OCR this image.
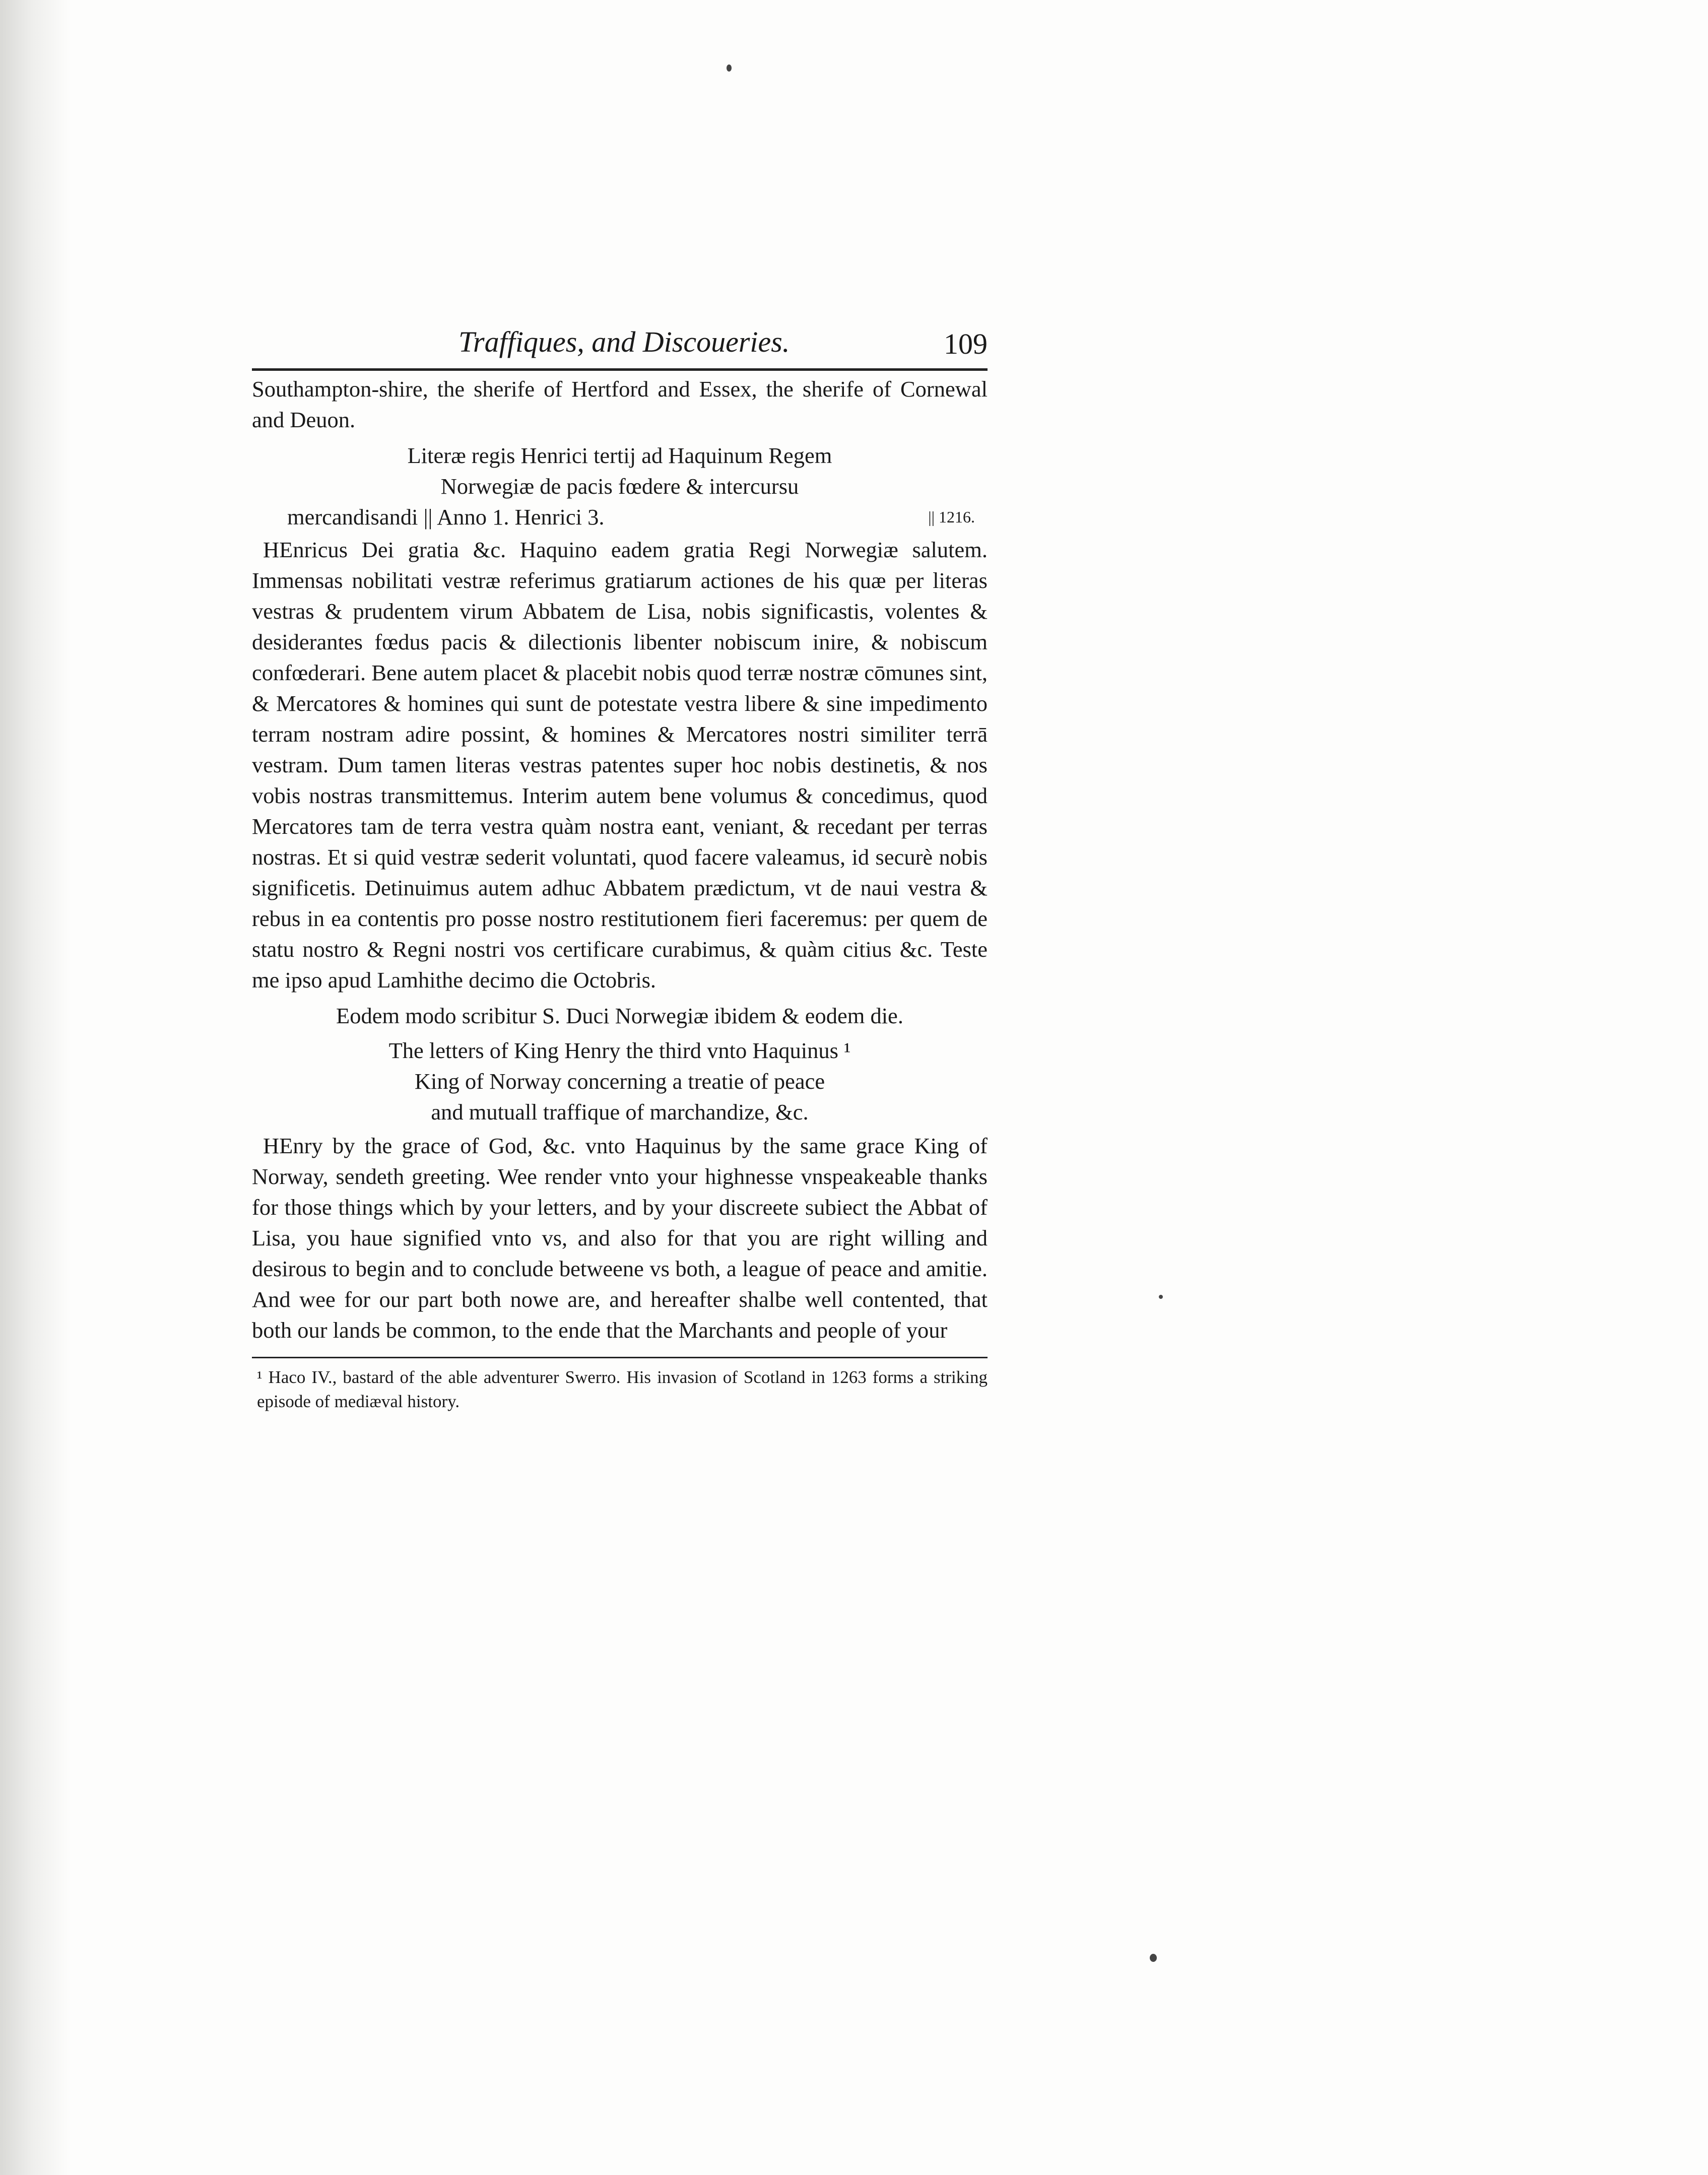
Traffiques, and Discoueries.	109

Southampton-shire, the sherife of Hertford and Essex, the sherife of Cornewal and Deuon.

Literæ regis Henrici tertij ad Haquinum Regem
Norwegiæ de pacis fœdere & intercursu
mercandisandi || Anno 1. Henrici 3.	|| 1216.

HEnricus Dei gratia &c. Haquino eadem gratia Regi Norwegiæ salutem. Immensas nobilitati vestræ referimus gratiarum actiones de his quæ per literas vestras & prudentem virum Abbatem de Lisa, nobis significastis, volentes & desiderantes fœdus pacis & dilectionis libenter nobiscum inire, & nobiscum confœderari. Bene autem placet & placebit nobis quod terræ nostræ cōmunes sint, & Mercatores & homines qui sunt de potestate vestra libere & sine impedimento terram nostram adire possint, & homines & Mercatores nostri similiter terrā vestram. Dum tamen literas vestras patentes super hoc nobis destinetis, & nos vobis nostras transmittemus. Interim autem bene volumus & concedimus, quod Mercatores tam de terra vestra quàm nostra eant, veniant, & recedant per terras nostras. Et si quid vestræ sederit voluntati, quod facere valeamus, id securè nobis significetis. Detinuimus autem adhuc Abbatem prædictum, vt de naui vestra & rebus in ea contentis pro posse nostro restitutionem fieri faceremus: per quem de statu nostro & Regni nostri vos certificare curabimus, & quàm citius &c. Teste me ipso apud Lamhithe decimo die Octobris.

Eodem modo scribitur S. Duci Norwegiæ ibidem & eodem die.

The letters of King Henry the third vnto Haquinus ¹
King of Norway concerning a treatie of peace
and mutuall traffique of marchandize, &c.

HEnry by the grace of God, &c. vnto Haquinus by the same grace King of Norway, sendeth greeting. Wee render vnto your highnesse vnspeakeable thanks for those things which by your letters, and by your discreete subiect the Abbat of Lisa, you haue signified vnto vs, and also for that you are right willing and desirous to begin and to conclude betweene vs both, a league of peace and amitie. And wee for our part both nowe are, and hereafter shalbe well contented, that both our lands be common, to the ende that the Marchants and people of your

¹ Haco IV., bastard of the able adventurer Swerro. His invasion of Scotland in 1263 forms a striking episode of mediæval history.
